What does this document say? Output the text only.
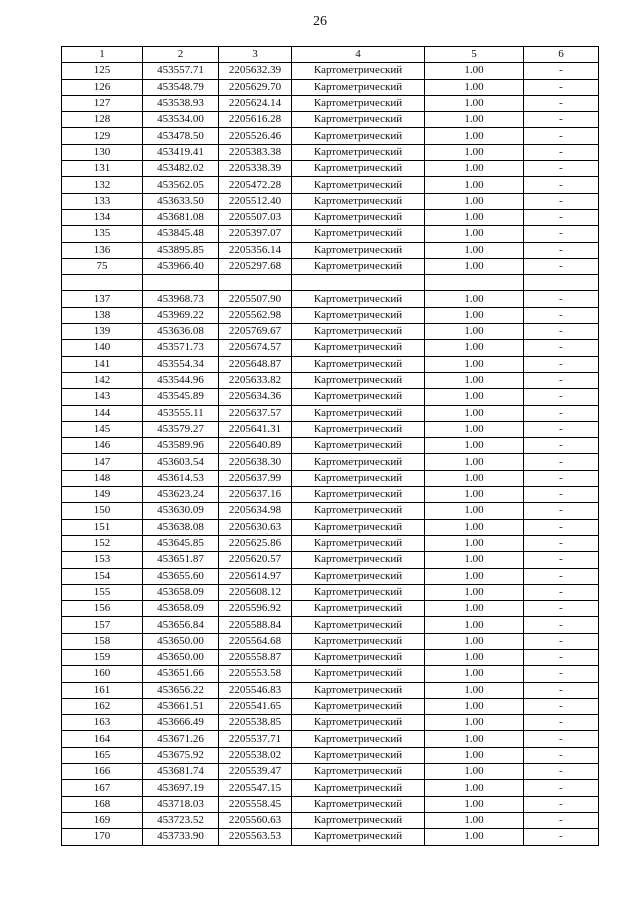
26
1	2	3	4	5	6
125	453557.71	2205632.39	Картометрический	1.00	-
126	453548.79	2205629.70	Картометрический	1.00	-
127	453538.93	2205624.14	Картометрический	1.00	-
128	453534.00	2205616.28	Картометрический	1.00	-
129	453478.50	2205526.46	Картометрический	1.00	-
130	453419.41	2205383.38	Картометрический	1.00	-
131	453482.02	2205338.39	Картометрический	1.00	-
132	453562.05	2205472.28	Картометрический	1.00	-
133	453633.50	2205512.40	Картометрический	1.00	-
134	453681.08	2205507.03	Картометрический	1.00	-
135	453845.48	2205397.07	Картометрический	1.00	-
136	453895.85	2205356.14	Картометрический	1.00	-
75	453966.40	2205297.68	Картометрический	1.00	-

137	453968.73	2205507.90	Картометрический	1.00	-
138	453969.22	2205562.98	Картометрический	1.00	-
139	453636.08	2205769.67	Картометрический	1.00	-
140	453571.73	2205674.57	Картометрический	1.00	-
141	453554.34	2205648.87	Картометрический	1.00	-
142	453544.96	2205633.82	Картометрический	1.00	-
143	453545.89	2205634.36	Картометрический	1.00	-
144	453555.11	2205637.57	Картометрический	1.00	-
145	453579.27	2205641.31	Картометрический	1.00	-
146	453589.96	2205640.89	Картометрический	1.00	-
147	453603.54	2205638.30	Картометрический	1.00	-
148	453614.53	2205637.99	Картометрический	1.00	-
149	453623.24	2205637.16	Картометрический	1.00	-
150	453630.09	2205634.98	Картометрический	1.00	-
151	453638.08	2205630.63	Картометрический	1.00	-
152	453645.85	2205625.86	Картометрический	1.00	-
153	453651.87	2205620.57	Картометрический	1.00	-
154	453655.60	2205614.97	Картометрический	1.00	-
155	453658.09	2205608.12	Картометрический	1.00	-
156	453658.09	2205596.92	Картометрический	1.00	-
157	453656.84	2205588.84	Картометрический	1.00	-
158	453650.00	2205564.68	Картометрический	1.00	-
159	453650.00	2205558.87	Картометрический	1.00	-
160	453651.66	2205553.58	Картометрический	1.00	-
161	453656.22	2205546.83	Картометрический	1.00	-
162	453661.51	2205541.65	Картометрический	1.00	-
163	453666.49	2205538.85	Картометрический	1.00	-
164	453671.26	2205537.71	Картометрический	1.00	-
165	453675.92	2205538.02	Картометрический	1.00	-
166	453681.74	2205539.47	Картометрический	1.00	-
167	453697.19	2205547.15	Картометрический	1.00	-
168	453718.03	2205558.45	Картометрический	1.00	-
169	453723.52	2205560.63	Картометрический	1.00	-
170	453733.90	2205563.53	Картометрический	1.00	-
